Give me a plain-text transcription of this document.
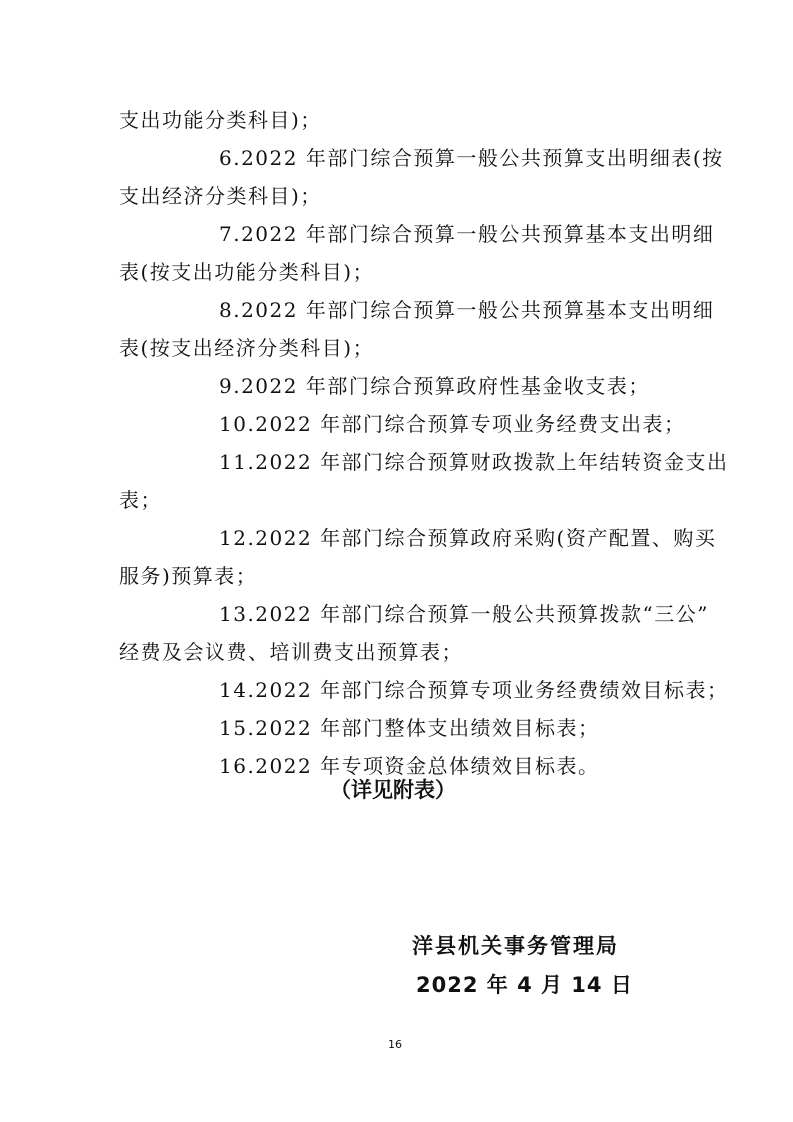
支出功能分类科目)；
6.2022 年部门综合预算一般公共预算支出明细表(按
支出经济分类科目)；
7.2022 年部门综合预算一般公共预算基本支出明细
表(按支出功能分类科目)；
8.2022 年部门综合预算一般公共预算基本支出明细
表(按支出经济分类科目)；
9.2022 年部门综合预算政府性基金收支表；
10.2022 年部门综合预算专项业务经费支出表；
11.2022 年部门综合预算财政拨款上年结转资金支出
表；
12.2022 年部门综合预算政府采购(资产配置、购买
服务)预算表；
13.2022 年部门综合预算一般公共预算拨款“三公”
经费及会议费、培训费支出预算表；
14.2022 年部门综合预算专项业务经费绩效目标表；
15.2022 年部门整体支出绩效目标表；
16.2022 年专项资金总体绩效目标表。
（详见附表）
洋县机关事务管理局
2022 年 4 月 14 日
16
